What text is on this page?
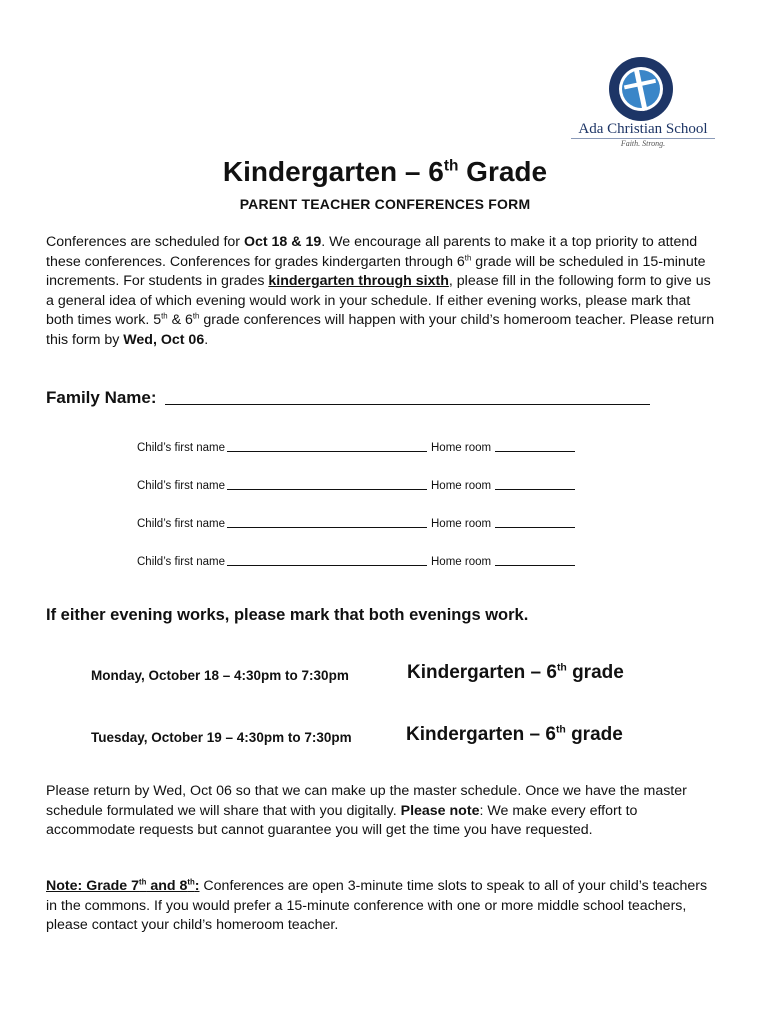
Ada Christian School
Faith. Strong.
Kindergarten – 6th Grade
PARENT TEACHER CONFERENCES FORM
Conferences are scheduled for Oct 18 & 19. We encourage all parents to make it a top priority to attend these conferences. Conferences for grades kindergarten through 6th grade will be scheduled in 15-minute increments. For students in grades kindergarten through sixth, please fill in the following form to give us a general idea of which evening would work in your schedule. If either evening works, please mark that both times work. 5th & 6th grade conferences will happen with your child’s homeroom teacher. Please return this form by Wed, Oct 06.
Family Name:
Child’s first name	Home room
Child’s first name	Home room
Child’s first name	Home room
Child’s first name	Home room
If either evening works, please mark that both evenings work.
Monday, October 18 – 4:30pm to 7:30pm	Kindergarten – 6th grade
Tuesday, October 19 – 4:30pm to 7:30pm	Kindergarten – 6th grade
Please return by Wed, Oct 06 so that we can make up the master schedule. Once we have the master schedule formulated we will share that with you digitally. Please note: We make every effort to accommodate requests but cannot guarantee you will get the time you have requested.
Note: Grade 7th and 8th: Conferences are open 3-minute time slots to speak to all of your child’s teachers in the commons. If you would prefer a 15-minute conference with one or more middle school teachers, please contact your child’s homeroom teacher.
